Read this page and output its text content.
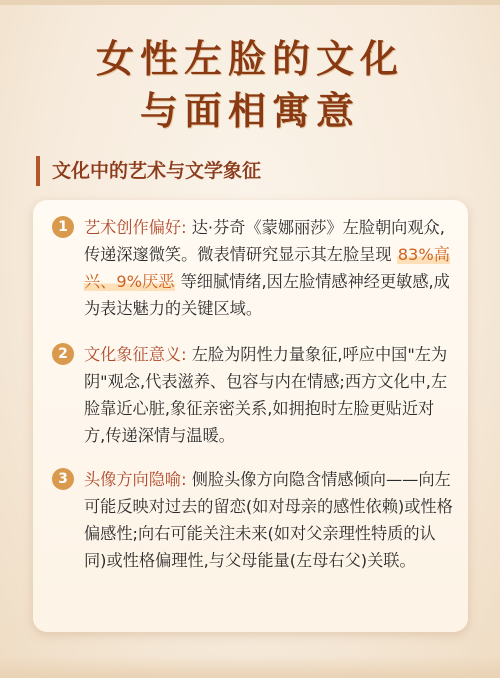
女性左脸的文化
与面相寓意
文化中的艺术与文学象征
1 艺术创作偏好: 达·芬奇《蒙娜丽莎》左脸朝向观众,传递深邃微笑。微表情研究显示其左脸呈现 83%高兴、9%厌恶 等细腻情绪,因左脸情感神经更敏感,成为表达魅力的关键区域。
2 文化象征意义: 左脸为阴性力量象征,呼应中国"左为阴"观念,代表滋养、包容与内在情感;西方文化中,左脸靠近心脏,象征亲密关系,如拥抱时左脸更贴近对方,传递深情与温暖。
3 头像方向隐喻: 侧脸头像方向隐含情感倾向——向左可能反映对过去的留恋(如对母亲的感性依赖)或性格偏感性;向右可能关注未来(如对父亲理性特质的认同)或性格偏理性,与父母能量(左母右父)关联。
